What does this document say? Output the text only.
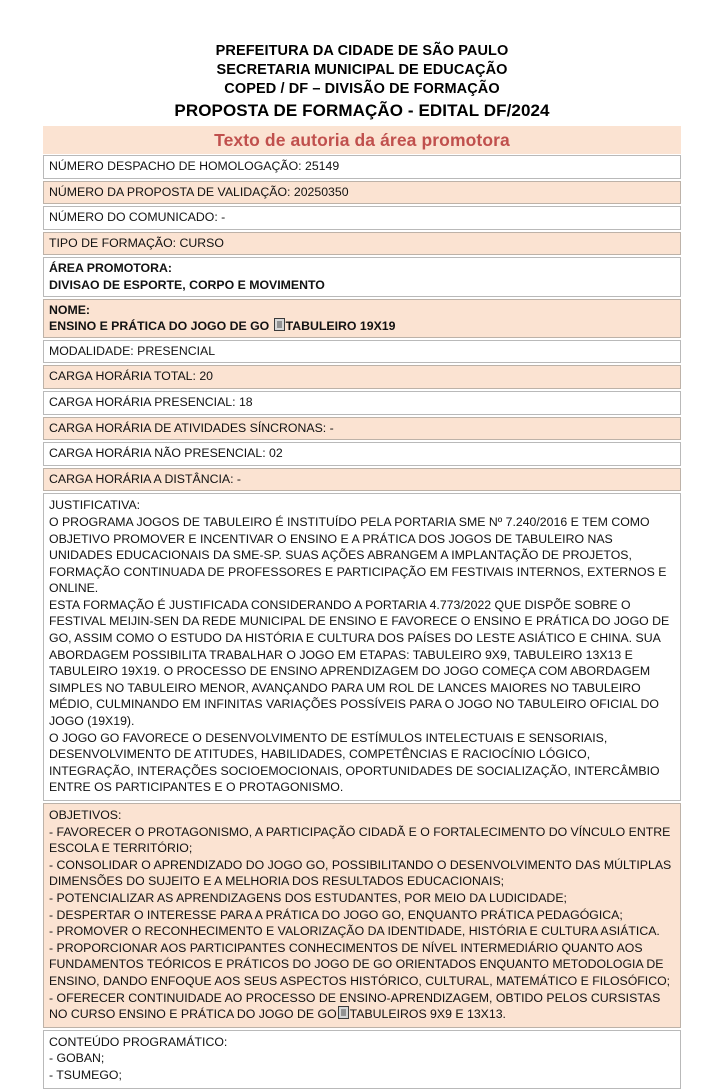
PREFEITURA DA CIDADE DE SÃO PAULO
SECRETARIA MUNICIPAL DE EDUCAÇÃO
COPED / DF – DIVISÃO DE FORMAÇÃO
PROPOSTA DE FORMAÇÃO - EDITAL DF/2024
Texto de autoria da área promotora
NÚMERO DESPACHO DE HOMOLOGAÇÃO: 25149
NÚMERO DA PROPOSTA DE VALIDAÇÃO: 20250350
NÚMERO DO COMUNICADO: -
TIPO DE FORMAÇÃO: CURSO
ÁREA PROMOTORA:
DIVISAO DE ESPORTE, CORPO E MOVIMENTO
NOME:
ENSINO E PRÁTICA DO JOGO DE GO TABULEIRO 19X19
MODALIDADE: PRESENCIAL
CARGA HORÁRIA TOTAL: 20
CARGA HORÁRIA PRESENCIAL: 18
CARGA HORÁRIA DE ATIVIDADES SÍNCRONAS: -
CARGA HORÁRIA NÃO PRESENCIAL: 02
CARGA HORÁRIA A DISTÂNCIA: -
JUSTIFICATIVA:
O PROGRAMA JOGOS DE TABULEIRO É INSTITUÍDO PELA PORTARIA SME Nº 7.240/2016 E TEM COMO OBJETIVO PROMOVER E INCENTIVAR O ENSINO E A PRÁTICA DOS JOGOS DE TABULEIRO NAS UNIDADES EDUCACIONAIS DA SME-SP. SUAS AÇÕES ABRANGEM A IMPLANTAÇÃO DE PROJETOS, FORMAÇÃO CONTINUADA DE PROFESSORES E PARTICIPAÇÃO EM FESTIVAIS INTERNOS, EXTERNOS E ONLINE.
ESTA FORMAÇÃO É JUSTIFICADA CONSIDERANDO A PORTARIA 4.773/2022 QUE DISPÕE SOBRE O FESTIVAL MEIJIN-SEN DA REDE MUNICIPAL DE ENSINO E FAVORECE O ENSINO E PRÁTICA DO JOGO DE GO, ASSIM COMO O ESTUDO DA HISTÓRIA E CULTURA DOS PAÍSES DO LESTE ASIÁTICO E CHINA. SUA ABORDAGEM POSSIBILITA TRABALHAR O JOGO EM ETAPAS: TABULEIRO 9X9, TABULEIRO 13X13 E TABULEIRO 19X19. O PROCESSO DE ENSINO APRENDIZAGEM DO JOGO COMEÇA COM ABORDAGEM SIMPLES NO TABULEIRO MENOR, AVANÇANDO PARA UM ROL DE LANCES MAIORES NO TABULEIRO MÉDIO, CULMINANDO EM INFINITAS VARIAÇÕES POSSÍVEIS PARA O JOGO NO TABULEIRO OFICIAL DO JOGO (19X19).
O JOGO GO FAVORECE O DESENVOLVIMENTO DE ESTÍMULOS INTELECTUAIS E SENSORIAIS, DESENVOLVIMENTO DE ATITUDES, HABILIDADES, COMPETÊNCIAS E RACIOCÍNIO LÓGICO, INTEGRAÇÃO, INTERAÇÕES SOCIOEMOCIONAIS, OPORTUNIDADES DE SOCIALIZAÇÃO, INTERCÂMBIO ENTRE OS PARTICIPANTES E O PROTAGONISMO.
OBJETIVOS:
- FAVORECER O PROTAGONISMO, A PARTICIPAÇÃO CIDADÃ E O FORTALECIMENTO DO VÍNCULO ENTRE ESCOLA E TERRITÓRIO;
- CONSOLIDAR O APRENDIZADO DO JOGO GO, POSSIBILITANDO O DESENVOLVIMENTO DAS MÚLTIPLAS DIMENSÕES DO SUJEITO E A MELHORIA DOS RESULTADOS EDUCACIONAIS;
- POTENCIALIZAR AS APRENDIZAGENS DOS ESTUDANTES, POR MEIO DA LUDICIDADE;
- DESPERTAR O INTERESSE PARA A PRÁTICA DO JOGO GO, ENQUANTO PRÁTICA PEDAGÓGICA;
- PROMOVER O RECONHECIMENTO E VALORIZAÇÃO DA IDENTIDADE, HISTÓRIA E CULTURA ASIÁTICA.
- PROPORCIONAR AOS PARTICIPANTES CONHECIMENTOS DE NÍVEL INTERMEDIÁRIO QUANTO AOS FUNDAMENTOS TEÓRICOS E PRÁTICOS DO JOGO DE GO ORIENTADOS ENQUANTO METODOLOGIA DE ENSINO, DANDO ENFOQUE AOS SEUS ASPECTOS HISTÓRICO, CULTURAL, MATEMÁTICO E FILOSÓFICO;
- OFERECER CONTINUIDADE AO PROCESSO DE ENSINO-APRENDIZAGEM, OBTIDO PELOS CURSISTAS NO CURSO ENSINO E PRÁTICA DO JOGO DE GO TABULEIROS 9X9 E 13X13.
CONTEÚDO PROGRAMÁTICO:
- GOBAN;
- TSUMEGO;
